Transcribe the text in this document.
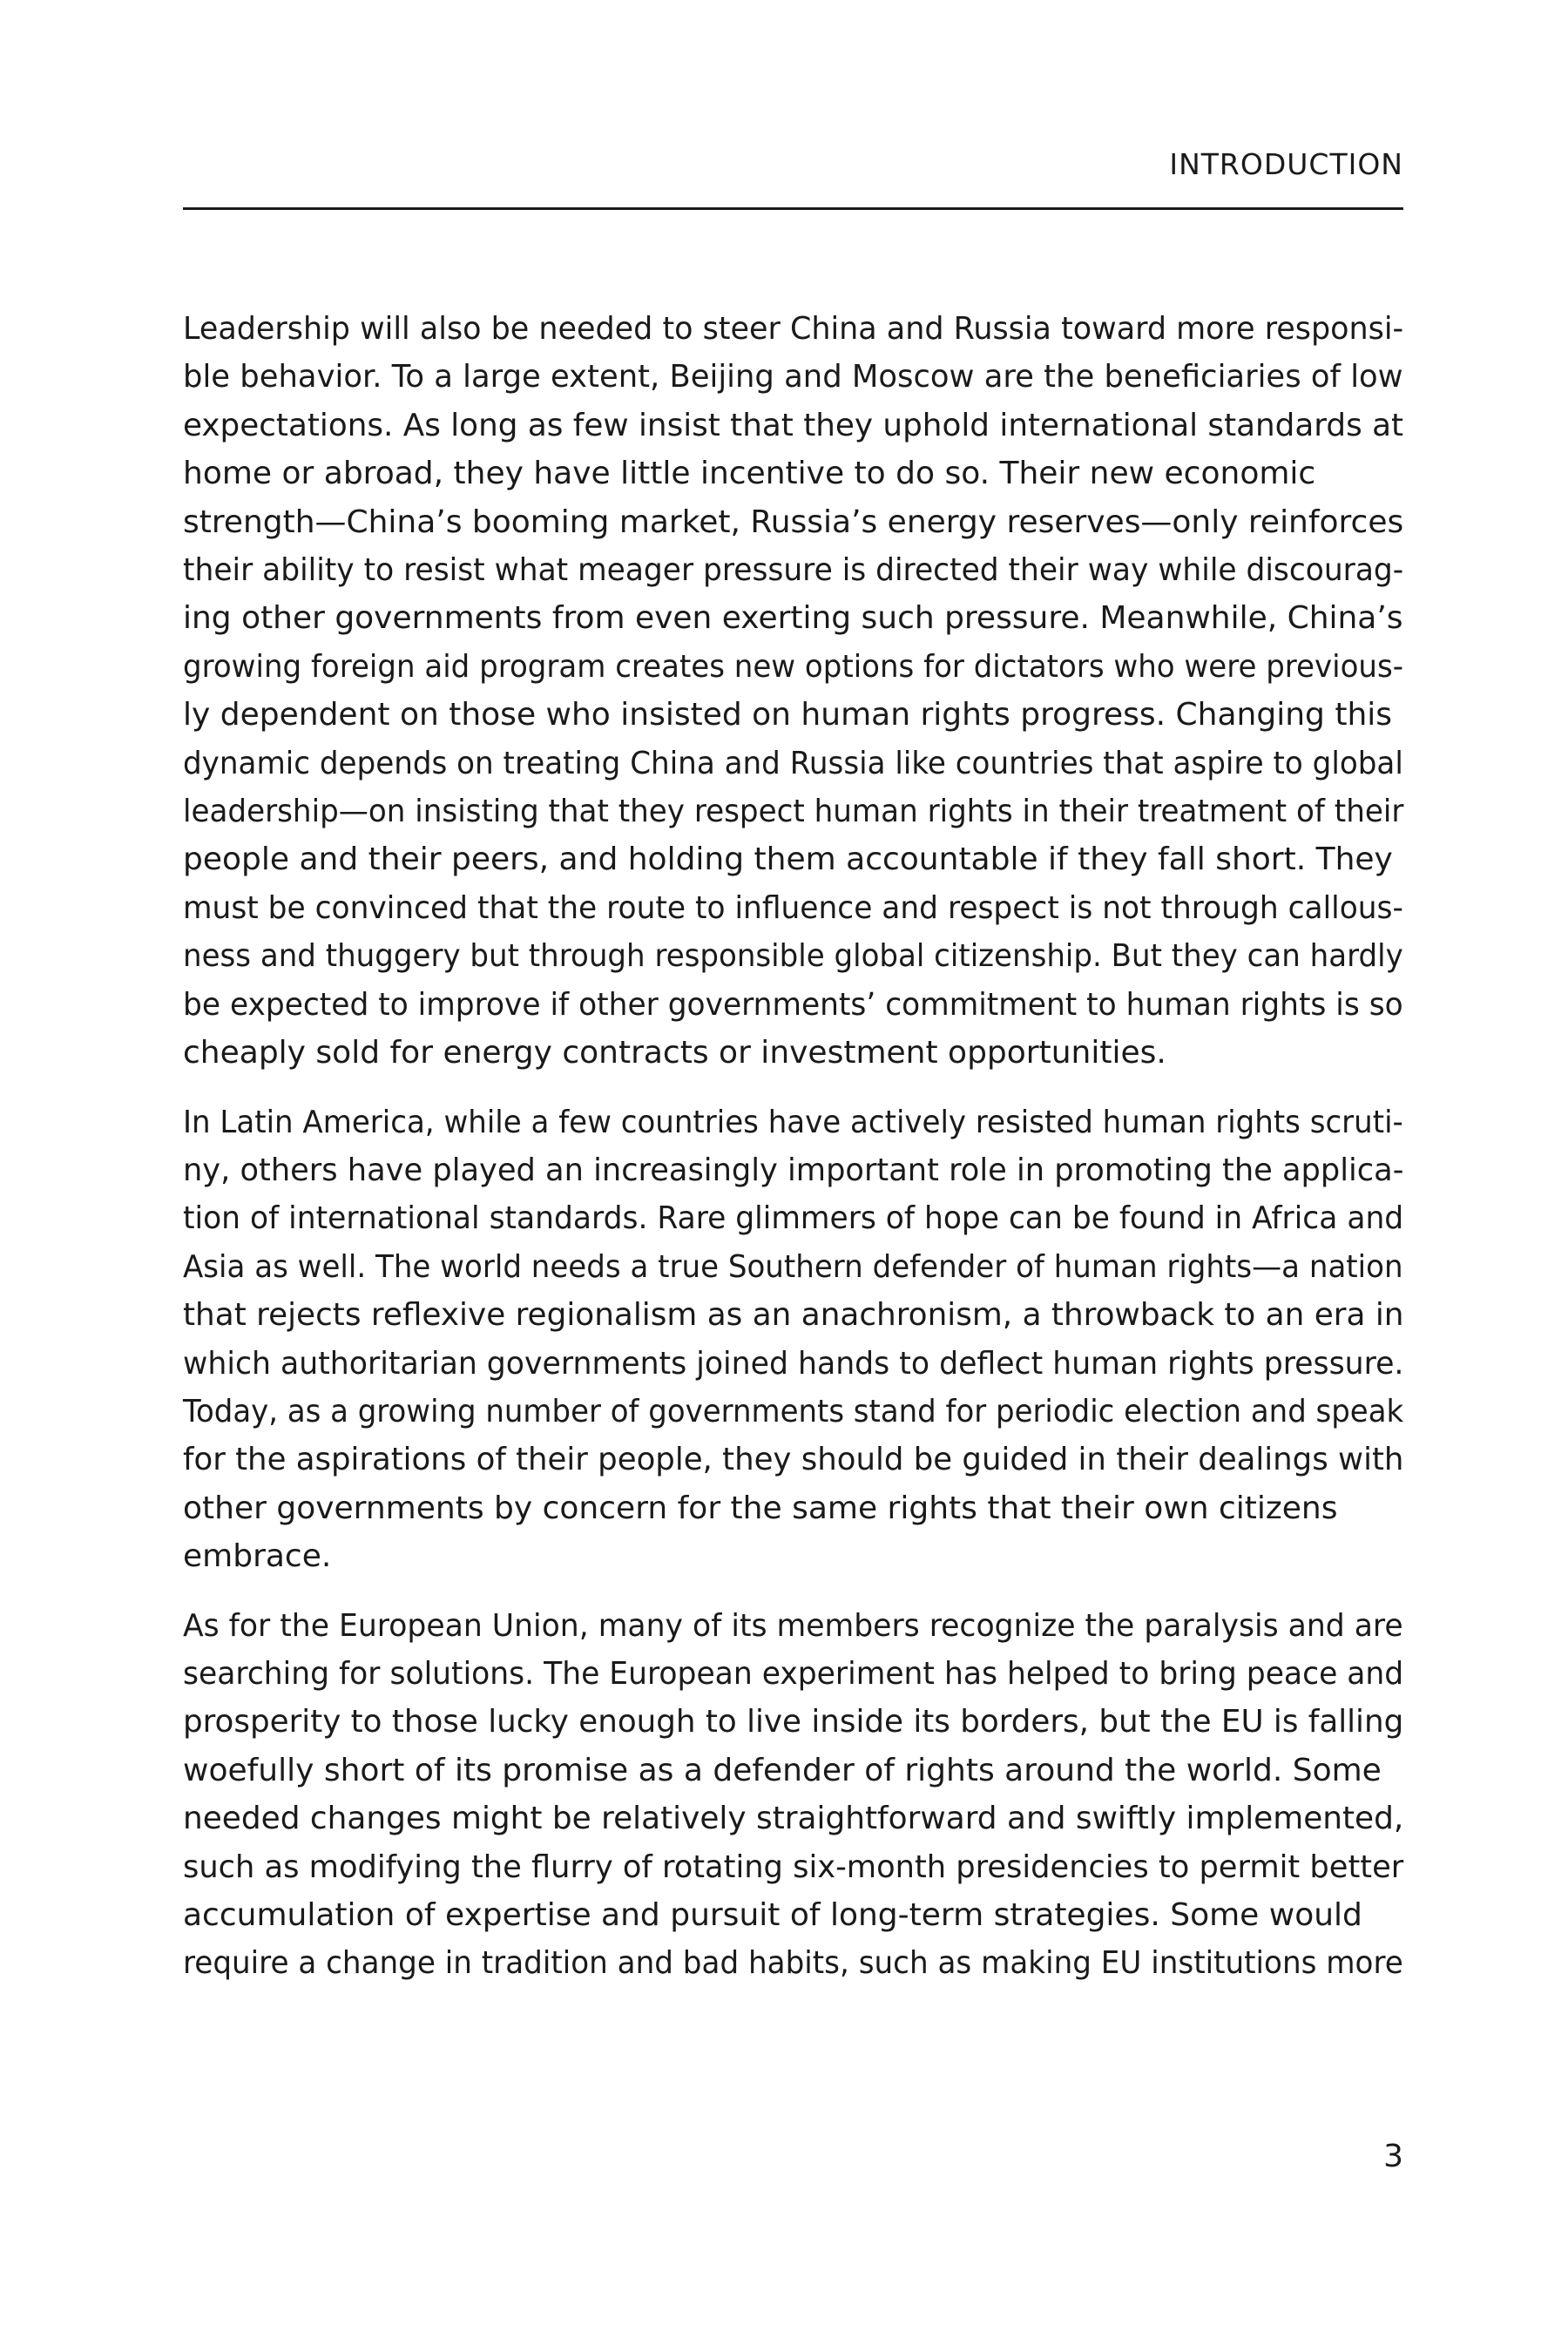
INTRODUCTION

Leadership will also be needed to steer China and Russia toward more responsi-
ble behavior. To a large extent, Beijing and Moscow are the beneficiaries of low
expectations. As long as few insist that they uphold international standards at
home or abroad, they have little incentive to do so. Their new economic
strength—China’s booming market, Russia’s energy reserves—only reinforces
their ability to resist what meager pressure is directed their way while discourag-
ing other governments from even exerting such pressure. Meanwhile, China’s
growing foreign aid program creates new options for dictators who were previous-
ly dependent on those who insisted on human rights progress. Changing this
dynamic depends on treating China and Russia like countries that aspire to global
leadership—on insisting that they respect human rights in their treatment of their
people and their peers, and holding them accountable if they fall short. They
must be convinced that the route to influence and respect is not through callous-
ness and thuggery but through responsible global citizenship. But they can hardly
be expected to improve if other governments’ commitment to human rights is so
cheaply sold for energy contracts or investment opportunities.

In Latin America, while a few countries have actively resisted human rights scruti-
ny, others have played an increasingly important role in promoting the applica-
tion of international standards. Rare glimmers of hope can be found in Africa and
Asia as well. The world needs a true Southern defender of human rights—a nation
that rejects reflexive regionalism as an anachronism, a throwback to an era in
which authoritarian governments joined hands to deflect human rights pressure.
Today, as a growing number of governments stand for periodic election and speak
for the aspirations of their people, they should be guided in their dealings with
other governments by concern for the same rights that their own citizens
embrace.

As for the European Union, many of its members recognize the paralysis and are
searching for solutions. The European experiment has helped to bring peace and
prosperity to those lucky enough to live inside its borders, but the EU is falling
woefully short of its promise as a defender of rights around the world. Some
needed changes might be relatively straightforward and swiftly implemented,
such as modifying the flurry of rotating six-month presidencies to permit better
accumulation of expertise and pursuit of long-term strategies. Some would
require a change in tradition and bad habits, such as making EU institutions more

3
